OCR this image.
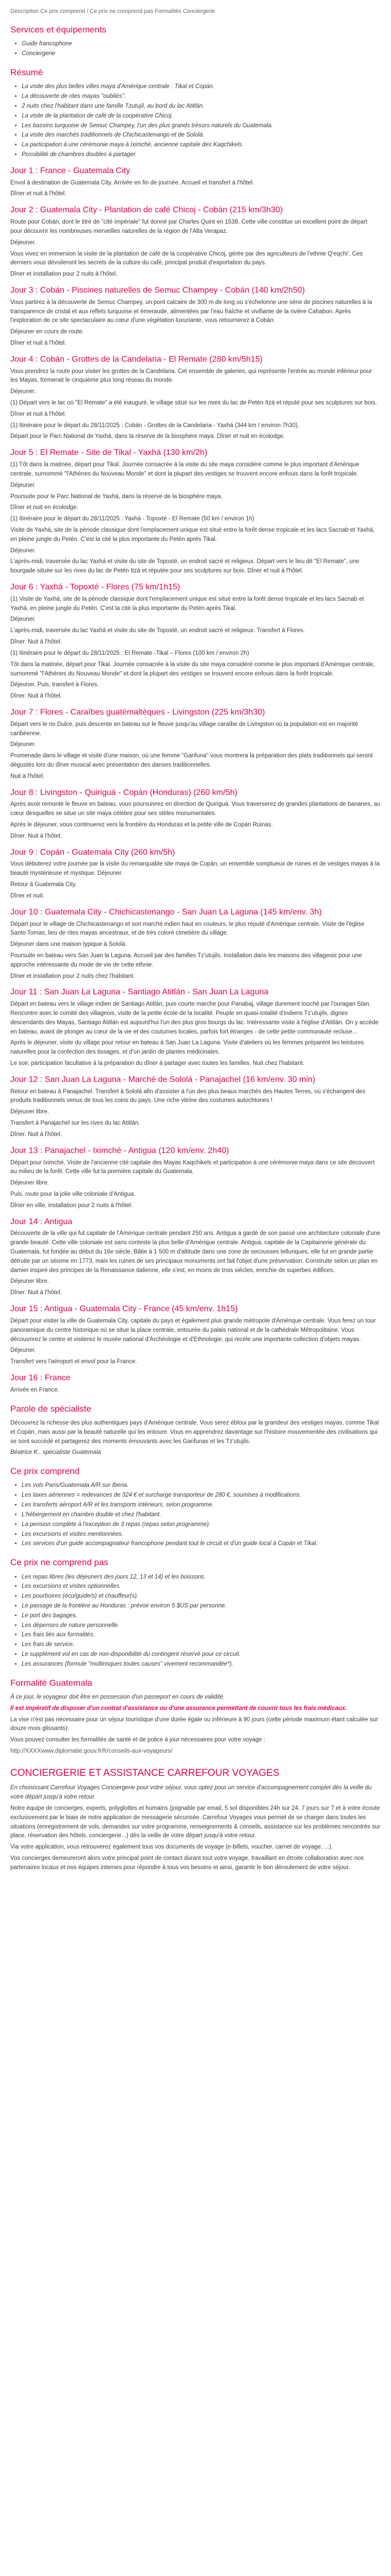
Description Ce prix comprend / Ce prix ne comprend pas Formalités Conciergerie

Services et équipements
• Guide francophone
• Conciergerie
Résumé
• La visite des plus belles villes maya d'Amérique centrale : Tikal et Copán.
• La découverte de rites mayas "oubliés".
• 2 nuits chez l'habitant dans une famille Tzutujil, au bord du lac Atitlán.
• La visite de la plantation de café de la coopérative Chicoj.
• Les bassins turquoise de Semuc Champey, l'un des plus grands trésors naturels du Guatemala.
• La visite des marchés traditionnels de Chichicastenango et de Sololá.
• La participation à une cérémonie maya à Iximché, ancienne capitale des Kaqchikels.
• Possibilité de chambres doubles à partager.
Jour 1 : France - Guatemala City

Envol à destination de Guatemala City. Arrivée en fin de journée. Accueil et transfert à l'hôtel.

Dîner et nuit à l'hôtel.

Jour 2 : Guatemala City - Plantation de café Chicoj - Cobán (215 km/3h30)

Route pour Cobán, dont le titre de "cité impériale" fut donné par Charles Quint en 1538. Cette ville constitue un excellent point de départ pour découvrir les nombreuses merveilles naturelles de la région de l'Alta Verapaz.

Déjeuner.

Vous vivez en immersion la visite de la plantation de café de la coopérative Chicoj, gérée par des agriculteurs de l'ethnie Q'eqchi'. Ces derniers vous dévoileront les secrets de la culture du café, principal produit d'exportation du pays.

Dîner et installation pour 2 nuits à l'hôtel.

Jour 3 : Cobán - Piscines naturelles de Semuc Champey - Cobán (140 km/2h50)

Vous partirez à la découverte de Semuc Champey, un pont calcaire de 300 m de long où s'échelonne une série de piscines naturelles à la transparence de cristal et aux reflets turquoise et émeraude, alimentées par l'eau fraîche et vivifiante de la rivière Cahabon. Après l'exploration de ce site spectaculaire au cœur d'une végétation luxuriante, vous retournerez à Cobán.

Déjeuner en cours de route.

Dîner et nuit à l'hôtel.

Jour 4 : Cobán - Grottes de la Candelaria - El Remate (280 km/5h15)

Vous prendrez la route pour visiter les grottes de la Candelaria. Cet ensemble de galeries, qui représente l'entrée au monde inférieur pour les Mayas, formerait le cinquième plus long réseau du monde.

Déjeuner.

(1) Départ vers le lac où "El Remate" a été inauguré, le village situé sur les rives du lac de Petén Itzá et réputé pour ses sculptures sur bois.

Dîner et nuit à l'hôtel.

(1) Itinéraire pour le départ du 28/11/2025 : Cobán - Grottes de la Candelaria - Yaxhá (344 km / environ 7h30).

Départ pour le Parc National de Yaxhá, dans la réserve de la biosphère maya. Dîner et nuit en écolodge.

Jour 5 : El Remate - Site de Tikal - Yaxhá (130 km/2h)

(1) Tôt dans la matinée, départ pour Tikal. Journée consacrée à la visite du site maya considéré comme le plus important d'Amérique centrale, surnommé "l'Athènes du Nouveau Monde" et dont la plupart des vestiges se trouvent encore enfouis dans la forêt tropicale.

Déjeuner.

Poursuite pour le Parc National de Yaxhá, dans la réserve de la biosphère maya.

Dîner et nuit en écolodge.

(1) Itinéraire pour le départ du 28/11/2025 : Yaxhá - Topoxté - El Remate (50 km / environ 1h)

Visite de Yaxhá, site de la période classique dont l'emplacement unique est situé entre la forêt dense tropicale et les lacs Sacnab et Yaxhá, en pleine jungle du Petén. C'est la cité la plus importante du Petén après Tikal.

Déjeuner.

L'après-midi, traversée du lac Yaxhá et visite du site de Topoxté, un endroit sacré et religieux. Départ vers le lieu dit "El Remate", une bourgade située sur les rives du lac de Petén Itzá et réputée pour ses sculptures sur bois. Dîner et nuit à l'hôtel.

Jour 6 : Yaxhá - Topoxté - Flores (75 km/1h15)

(1) Visite de Yaxhá, site de la période classique dont l'emplacement unique est situé entre la forêt dense tropicale et les lacs Sacnab et Yaxhá, en pleine jungle du Petén. C'est la cité la plus importante du Petén après Tikal.

Déjeuner.

L'après-midi, traversée du lac Yaxhá et visite du site de Topoxté, un endroit sacré et religieux. Transfert à Flores.

Dîner. Nuit à l'hôtel.

(1) Itinéraire pour le départ du 28/11/2025 : El Remate -Tikal – Flores (100 km / environ 2h)

Tôt dans la matinée, départ pour Tikal. Journée consacrée à la visite du site maya considéré comme le plus important d'Amérique centrale, surnommé "l'Athènes du Nouveau Monde" et dont la plupart des vestiges se trouvent encore enfouis dans la forêt tropicale.

Déjeuner. Puis, transfert à Flores.

Dîner. Nuit à l'hôtel.

Jour 7 : Flores - Caraïbes guatémaltèques - Livingston (225 km/3h30)

Départ vers le rio Dulce, puis descente en bateau sur le fleuve jusqu'au village caraïbe de Livingston où la population est en majorité caribéenne.

Déjeuner.

Promenade dans le village et visite d'une maison, où une femme "Garifuna" vous montrera la préparation des plats traditionnels qui seront dégustés lors du dîner musical avec présentation des danses traditionnelles.

Nuit à l'hôtel.

Jour 8 : Livingston - Quiriguá - Copán (Honduras) (260 km/5h)

Après avoir remonté le fleuve en bateau, vous poursuivrez en direction de Quiriguá. Vous traverserez de grandes plantations de bananes, au cœur desquelles se situe un site maya célèbre pour ses stèles monumentales.

Après le déjeuner, vous continuerez vers la frontière du Honduras et la petite ville de Copán Ruinas.

Dîner. Nuit à l'hôtel.

Jour 9 : Copán - Guatemala City (260 km/5h)

Vous débuterez votre journée par la visite du remarquable site maya de Copán, un ensemble somptueux de ruines et de vestiges mayas à la beauté mystérieuse et mystique. Déjeuner.

Retour à Guatemala City.

Dîner et nuit.

Jour 10 : Guatemala City - Chichicastenango - San Juan La Laguna (145 km/env. 3h)

Départ pour le village de Chichicastenango et son marché indien haut en couleurs, le plus réputé d'Amérique centrale. Visite de l'église Santo Tomas, lieu de rites mayas ancestraux, et de très coloré cimetière du village.

Déjeuner dans une maison typique à Sololá.

Poursuite en bateau vers San Juan la Laguna. Accueil par des familles Tz'utujils. Installation dans les maisons des villageois pour une approche intéressante du mode de vie de cette ethnie.

Dîner et installation pour 2 nuits chez l'habitant.

Jour 11 : San Juan La Laguna - Santiago Atitlán - San Juan La Laguna

Départ en bateau vers le village indien de Santiago Atitlán, puis courte marche pour Panabaj, village durement touché par l'ouragan Stan. Rencontre avec le comité des villageois, visite de la petite école de la localité. Peuple en quasi-totalité d'indiens Tz'utujils, dignes descendants des Mayas, Santiago Atitlán est aujourd'hui l'un des plus gros bourgs du lac. Intéressante visite à l'église d'Atitlán. On y accède en bateau, avant de plonger au cœur de la vie et des coutumes locales, parfois fort étranges - de cette petite communauté recluse...

Après le déjeuner, visite du village pour retour en bateau à San Juan La Laguna. Visite d'ateliers où les femmes préparent les teintures naturelles pour la confection des tissages, et d'un jardin de plantes médicinales.

Le soir, participation facultative à la préparation du dîner à partager avec toutes les familles. Nuit chez l'habitant.

Jour 12 : San Juan La Laguna - Marché de Sololá - Panajachel (16 km/env. 30 min)

Retour en bateau à Panajachel. Transfert à Sololá afin d'assister à l'un des plus beaux marchés des Hautes Terres, où s'échangent des produits traditionnels venus de tous les coins du pays. Une riche vitrine des costumes autochtones !

Déjeuner libre.

Transfert à Panajachel sur les rives du lac Atitlán.

Dîner. Nuit à l'hôtel.

Jour 13 : Panajachel - Iximché - Antigua (120 km/env. 2h40)

Départ pour Iximché. Visite de l'ancienne cité capitale des Mayas Kaqchikels et participation à une cérémonie maya dans ce site découvert au milieu de la forêt. Cette ville fut la première capitale du Guatemala.

Déjeuner libre.

Puis, route pour la jolie ville coloniale d'Antigua.

Dîner en ville, installation pour 2 nuits à l'hôtel.

Jour 14 : Antigua

Découverte de la ville qui fut capitale de l'Amérique centrale pendant 250 ans. Antigua a gardé de son passé une architecture coloniale d'une grande beauté. Cette ville coloniale est sans conteste la plus belle d'Amérique centrale. Antigua, capitale de la Capitainerie générale du Guatemala, fut fondée au début du 16e siècle. Bâtie à 1 500 m d'altitude dans une zone de secousses telluriques, elle fut en grande partie détruite par un séisme en 1773, mais les ruines de ses principaux monuments ont fait l'objet d'une préservation. Construite selon un plan en damier inspiré des principes de la Renaissance italienne, elle s'est, en moins de trois siècles, enrichie de superbes édifices.

Déjeuner libre.

Dîner. Nuit à l'hôtel.

Jour 15 : Antigua - Guatemala City - France (45 km/env. 1h15)

Départ pour visiter la ville de Guatemala City, capitale du pays et également plus grande métropole d'Amérique centrale. Vous ferez un tour panoramique du centre historique où se situe la place centrale, entourée du palais national et de la cathédrale Métropolitaine. Vous découvrirez le centre et visiterez le musée national d'Archéologie et d'Ethnologie, qui recèle une importante collection d'objets mayas.

Déjeuner.

Transfert vers l'aéroport et envol pour la France.

Jour 16 : France

Arrivée en France.

Parole de spécialiste

Découvrez la richesse des plus authentiques pays d'Amérique centrale. Vous serez ébloui par la grandeur des vestiges mayas, comme Tikal et Copán, mais aussi par la beauté naturelle qui les entoure. Vous en apprendrez davantage sur l'histoire mouvementée des civilisations qui se sont succédé et partagerez des moments émouvants avec les Garifunas et les Tz'utujils.

Béatrice K., spécialiste Guatemala

Ce prix comprend
• Les vols Paris/Guatemala A/R sur Iberia.
• Les taxes aériennes = redevances de 324 € et surcharge transporteur de 280 €, soumises à modifications.
• Les transferts aéroport A/R et les transports intérieurs, selon programme.
• L'hébergement en chambre double et chez l'habitant.
• La pension complète à l'exception de 3 repas (repas selon programme).
• Les excursions et visites mentionnées.
• Les services d'un guide accompagnateur francophone pendant tout le circuit et d'un guide local à Copán et Tikal.
Ce prix ne comprend pas
• Les repas libres (les déjeuners des jours 12, 13 et 14) et les boissons.
• Les excursions et visites optionnelles.
• Les pourboires (éco/guide/s) et chauffeur(s).
• Le passage de la frontière au Honduras : prévoir environ 5 $US par personne.
• Le port des bagages.
• Les dépenses de nature personnelle.
• Les frais liés aux formalités.
• Les frais de service.
• Le supplément vol en cas de non-disponibilité du contingent réservé pour ce circuit.
• Les assurances (formule "multirisques toutes causes" vivement recommandée*).
Formalité Guatemala

À ce jour, le voyageur doit être en possession d'un passeport en cours de validité.

Il est impératif de disposer d'un contrat d'assistance ou d'une assurance permettant de couvrir tous les frais médicaux.

La vise n'est pas nécessaire pour un séjour touristique d'une durée égale ou inférieure à 90 jours (cette période maximum étant calculée sur douze mois glissants).

Vous pouvez consulter les formalités de santé et de police à jour nécessaires pour votre voyage :

http://XXXXwww.diplomatie.gouv.fr/fr/conseils-aux-voyageurs/

CONCIERGERIE ET ASSISTANCE CARREFOUR VOYAGES

En choisissant Carrefour Voyages Conciergerie pour votre séjour, vous optez pour un service d'accompagnement complet dès la veille du votre départ jusqu'à votre retour.

Notre équipe de concierges, experts, polyglottes et humains (joignable par email, 5 sol disponibles 24h sur 24, 7 jours sur 7 et à votre écoute exclusivement par le biais de notre application de messagerie sécurisée. Carrefour Voyages vous permet de se charger dans toutes les situations (enregistrement de vols, demandes sur votre programme, renseignements & conseils, assistance sur les problèmes rencontrés sur place, réservation des hôtels, conciergerie...) dès la veille de votre départ jusqu'à votre retour.

Via votre application, vous retrouverez également tous vos documents de voyage (e-billets, voucher, carnet de voyage, ...).

Vos concierges demeureront alors votre principal point de contact durant tout votre voyage, travaillant en étroite collaboration avec nos partenaires locaux et nos équipes internes pour répondre à tous vos besoins et ainsi, garantir le bon déroulement de votre séjour.
